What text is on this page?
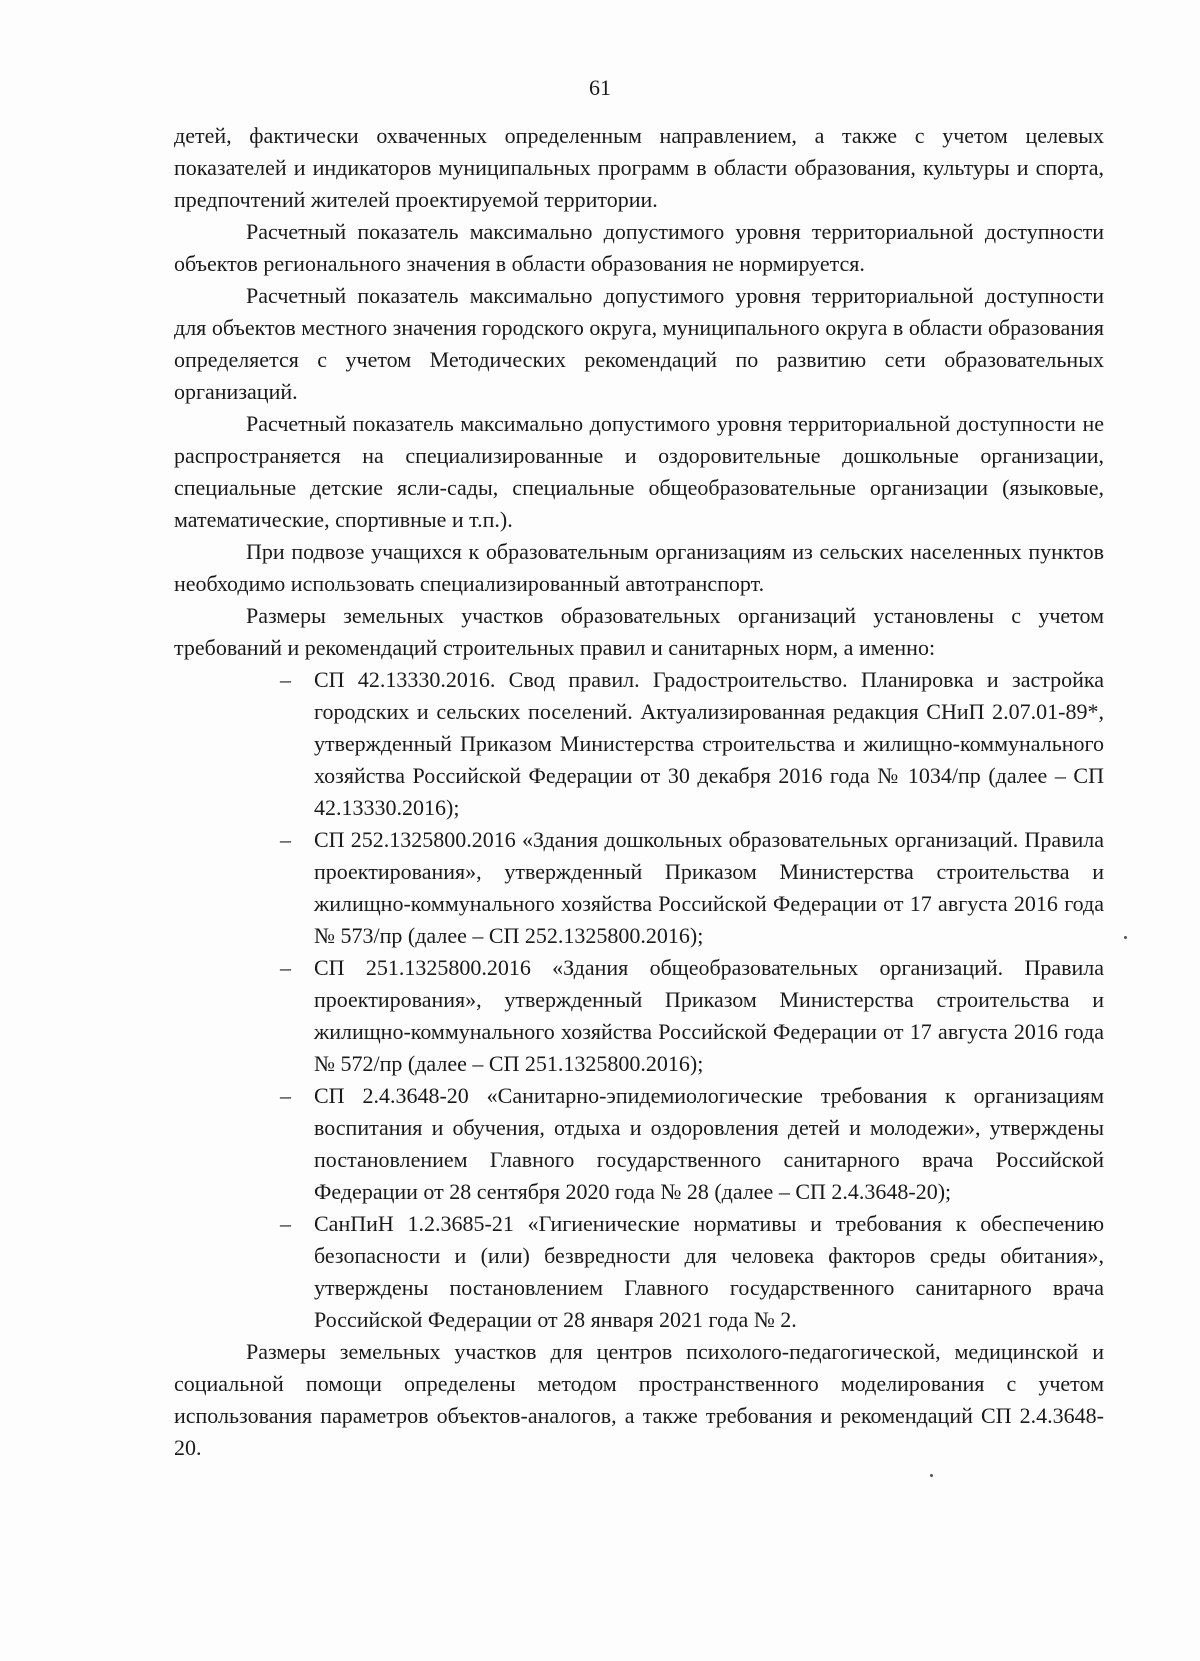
61

детей, фактически охваченных определенным направлением, а также с учетом целевых показателей и индикаторов муниципальных программ в области образования, культуры и спорта, предпочтений жителей проектируемой территории.

Расчетный показатель максимально допустимого уровня территориальной доступности объектов регионального значения в области образования не нормируется.

Расчетный показатель максимально допустимого уровня территориальной доступности для объектов местного значения городского округа, муниципального округа в области образования определяется с учетом Методических рекомендаций по развитию сети образовательных организаций.

Расчетный показатель максимально допустимого уровня территориальной доступности не распространяется на специализированные и оздоровительные дошкольные организации, специальные детские ясли-сады, специальные общеобразовательные организации (языковые, математические, спортивные и т.п.).

При подвозе учащихся к образовательным организациям из сельских населенных пунктов необходимо использовать специализированный автотранспорт.

Размеры земельных участков образовательных организаций установлены с учетом требований и рекомендаций строительных правил и санитарных норм, а именно:

– СП 42.13330.2016. Свод правил. Градостроительство. Планировка и застройка городских и сельских поселений. Актуализированная редакция СНиП 2.07.01-89*, утвержденный Приказом Министерства строительства и жилищно-коммунального хозяйства Российской Федерации от 30 декабря 2016 года № 1034/пр (далее – СП 42.13330.2016);
– СП 252.1325800.2016 «Здания дошкольных образовательных организаций. Правила проектирования», утвержденный Приказом Министерства строительства и жилищно-коммунального хозяйства Российской Федерации от 17 августа 2016 года № 573/пр (далее – СП 252.1325800.2016);
– СП 251.1325800.2016 «Здания общеобразовательных организаций. Правила проектирования», утвержденный Приказом Министерства строительства и жилищно-коммунального хозяйства Российской Федерации от 17 августа 2016 года № 572/пр (далее – СП 251.1325800.2016);
– СП 2.4.3648-20 «Санитарно-эпидемиологические требования к организациям воспитания и обучения, отдыха и оздоровления детей и молодежи», утверждены постановлением Главного государственного санитарного врача Российской Федерации от 28 сентября 2020 года № 28 (далее – СП 2.4.3648-20);
– СанПиН 1.2.3685-21 «Гигиенические нормативы и требования к обеспечению безопасности и (или) безвредности для человека факторов среды обитания», утверждены постановлением Главного государственного санитарного врача Российской Федерации от 28 января 2021 года № 2.

Размеры земельных участков для центров психолого-педагогической, медицинской и социальной помощи определены методом пространственного моделирования с учетом использования параметров объектов-аналогов, а также требования и рекомендаций СП 2.4.3648-20.
